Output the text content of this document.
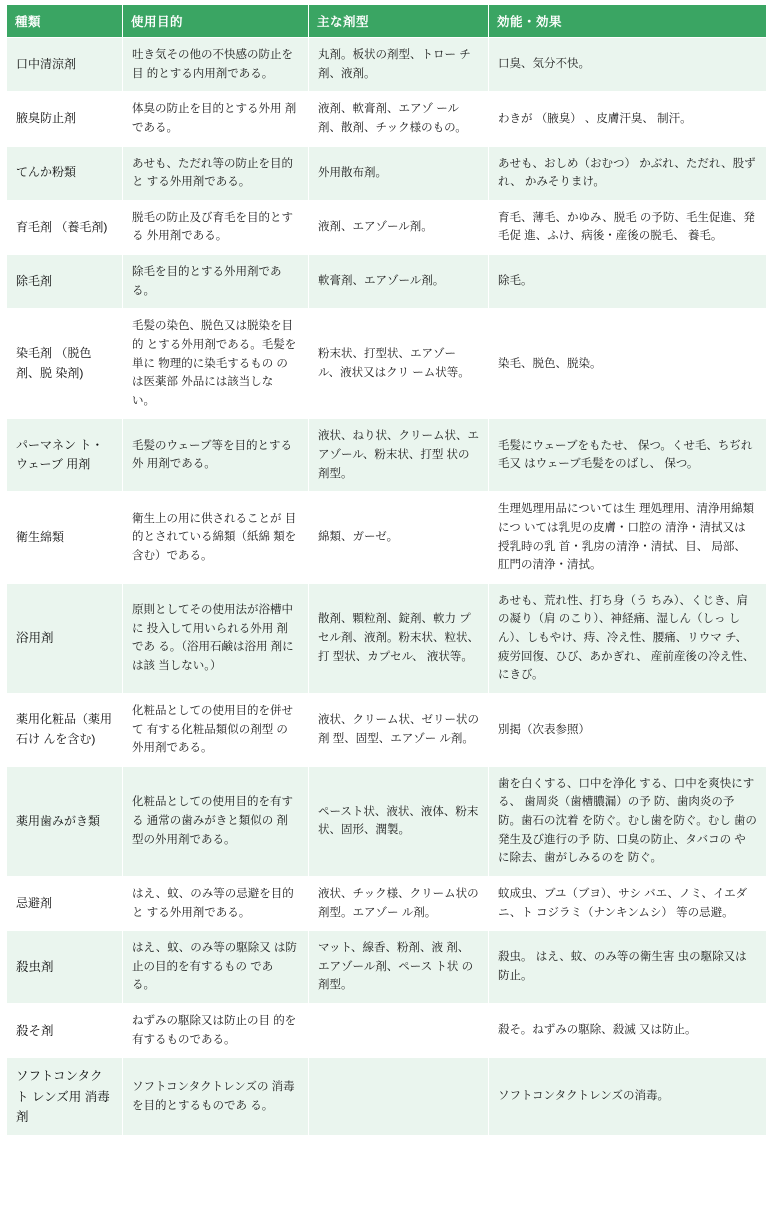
種類	使用目的	主な剤型	効能・効果
口中清涼剤	吐き気その他の不快感の防止を目 的とする内用剤である。	丸剤。板状の剤型、トロー チ剤、液剤。	口臭、気分不快。
腋臭防止剤	体臭の防止を目的とする外用 剤である。	液剤、軟膏剤、エアゾ ール 剤、散剤、チック様のもの。	わきが （腋臭） 、皮膚汗臭、 制汗。
てんか粉類	あせも、ただれ等の防止を目的と する外用剤である。	外用散布剤。	あせも、おしめ（おむつ） かぶれ、ただれ、股ずれ、 かみそりまけ。
育毛剤 （養毛剤)	脱毛の防止及び育毛を目的とする 外用剤である。	液剤、エアゾール剤。	育毛、薄毛、かゆみ、脱毛 の予防、毛生促進、発毛促 進、ふけ、病後・産後の脱毛、 養毛。
除毛剤	除毛を目的とする外用剤であ る。	軟膏剤、エアゾール剤。	除毛。
染毛剤 （脱色剤、脱 染剤)	毛髪の染色、脱色又は脱染を目的 とする外用剤である。毛髪を単に 物理的に染毛するもの のは医薬部 外品には該当しな い。	粉末状、打型状、エアゾー ル、液状又はクリ ーム状等。	染毛、脱色、脱染。
パーマネン ト・ウェーブ 用剤	毛髪のウェーブ等を目的とする外 用剤である。	液状、ねり状、クリーム状、エ アゾール、粉末状、打型 状の剤型。	毛髪にウェーブをもたせ、 保つ。くせ毛、ちぢれ毛又 はウェーブ毛髪をのばし、 保つ。
衛生綿類	衛生上の用に供されることが 目的とされている綿類（紙綿 類を含む）である。	綿類、ガーゼ。	生理処理用品については生 理処理用、清浄用綿類につ いては乳児の皮膚・口腔の 清浄・清拭又は授乳時の乳 首・乳房の清浄・清拭、目、 局部、肛門の清浄・清拭。
浴用剤	原則としてその使用法が浴槽中に 投入して用いられる外用 剤であ る。（浴用石鹸は浴用 剤には該 当しない。）	散剤、顆粒剤、錠剤、軟力 プセル剤、液剤。粉末状、粒状、打 型状、カプセル、 液状等。	あせも、荒れ性、打ち身（う ちみ）、くじき、肩の凝り（肩 のこり）、神経痛、湿しん（しっ しん）、しもやけ、痔、冷え性、腰痛、リウマ チ、疲労回復、ひび、あかぎれ、 産前産後の冷え性、にきび。
薬用化粧品（薬用石け んを含む)	化粧品としての使用目的を併せて 有する化粧品類似の剤型 の外用剤である。	液状、クリーム状、ゼリー状の剤 型、固型、エアゾー ル剤。	別掲（次表参照）
薬用歯みがき類	化粧品としての使用目的を有する 通常の歯みがきと類似の 剤型の外用剤である。	ペースト状、液状、液体、粉末 状、固形、潤製。	歯を白くする、口中を浄化 する、口中を爽快にする、 歯周炎（歯槽膿漏）の予 防、歯肉炎の予防。歯石の沈着 を防ぐ。むし歯を防ぐ。むし 歯の発生及び進行の予 防、口臭の防止、タバコの やに除去、歯がしみるのを 防ぐ。
忌避剤	はえ、蚊、のみ等の忌避を目的と する外用剤である。	液状、チック様、クリーム状の 剤型。エアゾー ル剤。	蚊成虫、ブユ（ブヨ）、サシ バエ、ノミ、イエダニ、ト コジラミ（ナンキンムシ） 等の忌避。
殺虫剤	はえ、蚊、のみ等の駆除又 は防止の目的を有するもの であ る。	マット、線香、粉剤、液 剤、エアゾール剤、ペース ト状 の剤型。	殺虫。 はえ、蚊、のみ等の衛生害 虫の駆除又は防止。
殺そ剤	ねずみの駆除又は防止の目 的を有するものである。		殺そ。ねずみの駆除、殺滅 又は防止。
ソフトコンタクト レンズ用 消毒剤	ソフトコンタクトレンズの 消毒を目的とするものであ る。		ソフトコンタクトレンズの消毒。
